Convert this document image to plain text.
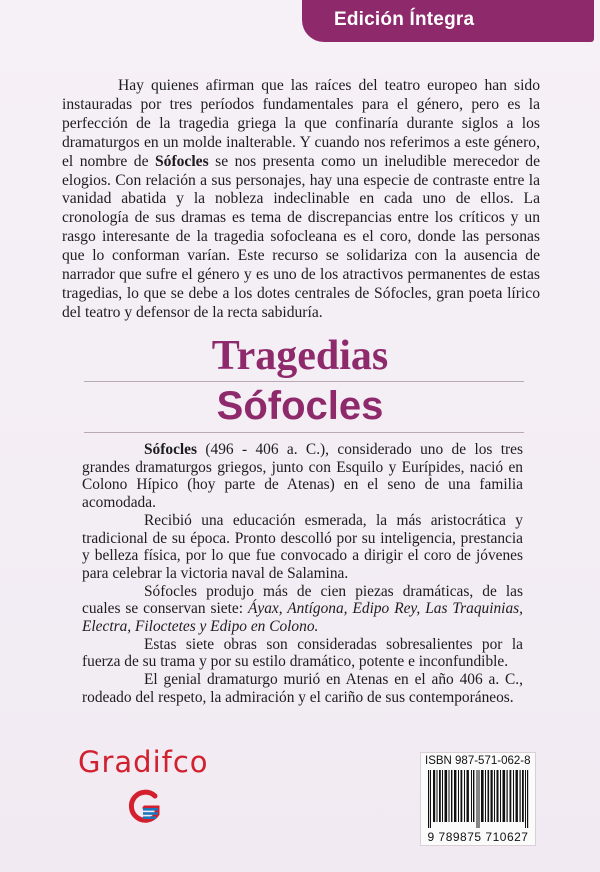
Edición Íntegra

Hay quienes afirman que las raíces del teatro europeo han sido instauradas por tres períodos fundamentales para el género, pero es la perfección de la tragedia griega la que confinaría durante siglos a los dramaturgos en un molde inalterable. Y cuando nos referimos a este género, el nombre de Sófocles se nos presenta como un ineludible merecedor de elogios. Con relación a sus personajes, hay una especie de contraste entre la vanidad abatida y la nobleza indeclinable en cada uno de ellos. La cronología de sus dramas es tema de discrepancias entre los críticos y un rasgo interesante de la tragedia sofocleana es el coro, donde las personas que lo conforman varían. Este recurso se solidariza con la ausencia de narrador que sufre el género y es uno de los atractivos permanentes de estas tragedias, lo que se debe a los dotes centrales de Sófocles, gran poeta lírico del teatro y defensor de la recta sabiduría.

Tragedias
Sófocles

Sófocles (496 - 406 a. C.), considerado uno de los tres grandes dramaturgos griegos, junto con Esquilo y Eurípides, nació en Colono Hípico (hoy parte de Atenas) en el seno de una familia acomodada.

Recibió una educación esmerada, la más aristocrática y tradicional de su época. Pronto descolló por su inteligencia, prestancia y belleza física, por lo que fue convocado a dirigir el coro de jóvenes para celebrar la victoria naval de Salamina.

Sófocles produjo más de cien piezas dramáticas, de las cuales se conservan siete: Áyax, Antígona, Edipo Rey, Las Traquinias, Electra, Filoctetes y Edipo en Colono.

Estas siete obras son consideradas sobresalientes por la fuerza de su trama y por su estilo dramático, potente e inconfundible.

El genial dramaturgo murió en Atenas en el año 406 a. C., rodeado del respeto, la admiración y el cariño de sus contemporáneos.

Gradifco	ISBN 987-571-062-8
9 789875 710627
